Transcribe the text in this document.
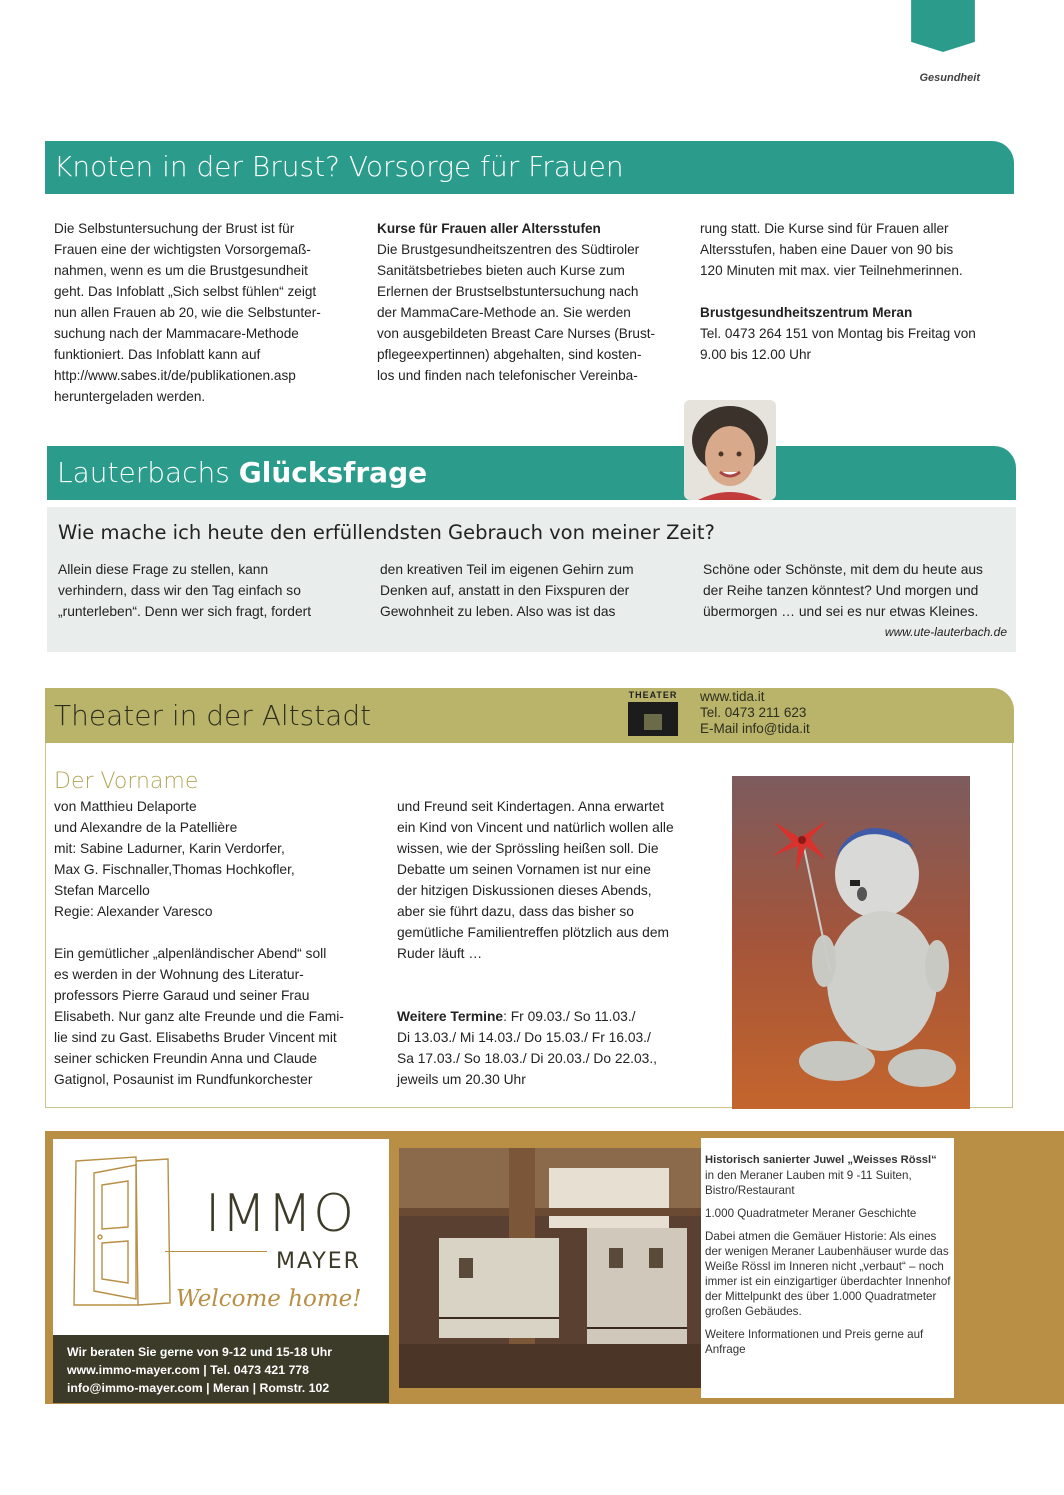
Gesundheit
Knoten in der Brust? Vorsorge für Frauen

Die Selbstuntersuchung der Brust ist für

Frauen eine der wichtigsten Vorsorgemaß-

nahmen, wenn es um die Brustgesundheit

geht. Das Infoblatt „Sich selbst fühlen“ zeigt

nun allen Frauen ab 20, wie die Selbstunter-

suchung nach der Mammacare-Methode

funktioniert. Das Infoblatt kann auf

http://www.sabes.it/de/publikationen.asp

heruntergeladen werden.

Kurse für Frauen aller Altersstufen

Die Brustgesundheitszentren des Südtiroler

Sanitätsbetriebes bieten auch Kurse zum

Erlernen der Brustselbstuntersuchung nach

der MammaCare-Methode an. Sie werden

von ausgebildeten Breast Care Nurses (Brust-

pflegeexpertinnen) abgehalten, sind kosten-

los und finden nach telefonischer Vereinba-

rung statt. Die Kurse sind für Frauen aller

Altersstufen, haben eine Dauer von 90 bis

120 Minuten mit max. vier Teilnehmerinnen.

Brustgesundheitszentrum Meran

Tel. 0473 264 151 von Montag bis Freitag von

9.00 bis 12.00 Uhr

Lauterbachs Glücksfrage
Wie mache ich heute den erfüllendsten Gebrauch von meiner Zeit?

Allein diese Frage zu stellen, kann

verhindern, dass wir den Tag einfach so

„runterleben“. Denn wer sich fragt, fordert

den kreativen Teil im eigenen Gehirn zum

Denken auf, anstatt in den Fixspuren der

Gewohnheit zu leben. Also was ist das

Schöne oder Schönste, mit dem du heute aus

der Reihe tanzen könntest? Und morgen und

übermorgen … und sei es nur etwas Kleines.

www.ute-lauterbach.de
Theater in der Altstadt
THEATER	www.tida.it
Tel. 0473 211 623
E-Mail info@tida.it
Der Vorname

von Matthieu Delaporte

und Alexandre de la Patellière

mit: Sabine Ladurner, Karin Verdorfer,

Max G. Fischnaller,Thomas Hochkofler,

Stefan Marcello

Regie: Alexander Varesco

Ein gemütlicher „alpenländischer Abend“ soll

es werden in der Wohnung des Literatur-

professors Pierre Garaud und seiner Frau

Elisabeth. Nur ganz alte Freunde und die Fami-

lie sind zu Gast. Elisabeths Bruder Vincent mit

seiner schicken Freundin Anna und Claude

Gatignol, Posaunist im Rundfunkorchester

und Freund seit Kindertagen. Anna erwartet

ein Kind von Vincent und natürlich wollen alle

wissen, wie der Sprössling heißen soll. Die

Debatte um seinen Vornamen ist nur eine

der hitzigen Diskussionen dieses Abends,

aber sie führt dazu, dass das bisher so

gemütliche Familientreffen plötzlich aus dem

Ruder läuft …

Weitere Termine: Fr 09.03./ So 11.03./

Di 13.03./ Mi 14.03./ Do 15.03./ Fr 16.03./

Sa 17.03./ So 18.03./ Di 20.03./ Do 22.03.,

jeweils um 20.30 Uhr

IMMO
MAYER
Welcome home!
Wir beraten Sie gerne von 9-12 und 15-18 Uhr
www.immo-mayer.com | Tel. 0473 421 778
info@immo-mayer.com | Meran | Romstr. 102

Historisch sanierter Juwel „Weisses Rössl“

in den Meraner Lauben mit 9 -11 Suiten, Bistro/Restaurant

1.000 Quadratmeter Meraner Geschichte

Dabei atmen die Gemäuer Historie: Als eines der wenigen Meraner Laubenhäuser wurde das Weiße Rössl im Inneren nicht „verbaut“ – noch immer ist ein einzigartiger überdachter Innenhof der Mittelpunkt des über 1.000 Quadratmeter großen Gebäudes.

Weitere Informationen und Preis gerne auf Anfrage
